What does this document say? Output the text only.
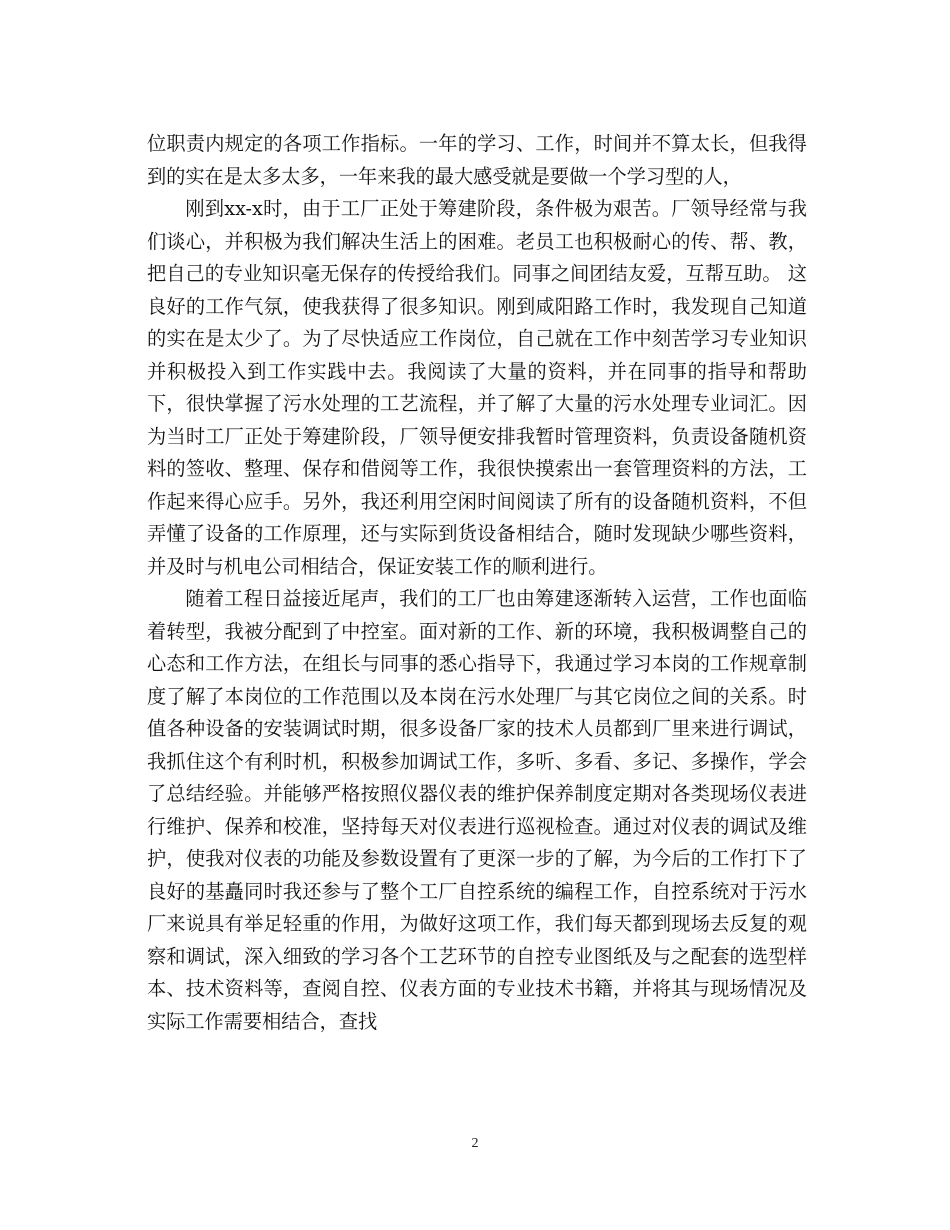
位职责内规定的各项工作指标。一年的学习、工作，时间并不算太长，但我得到的实在是太多太多，一年来我的最大感受就是要做一个学习型的人，

刚到xx-x时，由于工厂正处于筹建阶段，条件极为艰苦。厂领导经常与我们谈心，并积极为我们解决生活上的困难。老员工也积极耐心的传、帮、教，把自己的专业知识毫无保存的传授给我们。同事之间团结友爱，互帮互助。 这良好的工作气氛，使我获得了很多知识。刚到咸阳路工作时，我发现自己知道的实在是太少了。为了尽快适应工作岗位，自己就在工作中刻苦学习专业知识并积极投入到工作实践中去。我阅读了大量的资料，并在同事的指导和帮助下，很快掌握了污水处理的工艺流程，并了解了大量的污水处理专业词汇。因为当时工厂正处于筹建阶段，厂领导便安排我暂时管理资料，负责设备随机资料的签收、整理、保存和借阅等工作，我很快摸索出一套管理资料的方法，工作起来得心应手。另外，我还利用空闲时间阅读了所有的设备随机资料，不但弄懂了设备的工作原理，还与实际到货设备相结合，随时发现缺少哪些资料，并及时与机电公司相结合，保证安装工作的顺利进行。

随着工程日益接近尾声，我们的工厂也由筹建逐渐转入运营，工作也面临着转型，我被分配到了中控室。面对新的工作、新的环境，我积极调整自己的心态和工作方法，在组长与同事的悉心指导下，我通过学习本岗的工作规章制度了解了本岗位的工作范围以及本岗在污水处理厂与其它岗位之间的关系。时值各种设备的安装调试时期，很多设备厂家的技术人员都到厂里来进行调试，我抓住这个有利时机，积极参加调试工作，多听、多看、多记、多操作，学会了总结经验。并能够严格按照仪器仪表的维护保养制度定期对各类现场仪表进行维护、保养和校准，坚持每天对仪表进行巡视检查。通过对仪表的调试及维护，使我对仪表的功能及参数设置有了更深一步的了解，为今后的工作打下了良好的基矗同时我还参与了整个工厂自控系统的编程工作，自控系统对于污水厂来说具有举足轻重的作用，为做好这项工作，我们每天都到现场去反复的观察和调试，深入细致的学习各个工艺环节的自控专业图纸及与之配套的选型样本、技术资料等，查阅自控、仪表方面的专业技术书籍，并将其与现场情况及实际工作需要相结合，查找

2
